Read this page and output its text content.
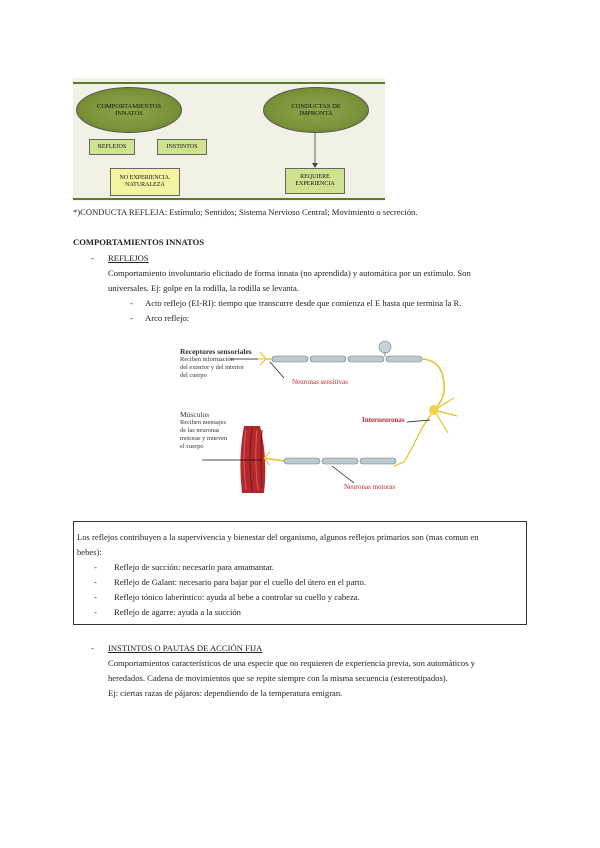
COMPORTAMIENTOS INNATOS
CONDUCTAS DE IMPRONTA
REFLEJOS	INSTINTOS
NO EXPERIENCIA. NATURALEZA
REQUIERE EXPERIENCIA
*)CONDUCTA REFLEJA: Estímulo; Sentidos; Sistema Nervioso Central; Movimiento o secreción.
COMPORTAMIENTOS INNATOS
- REFLEJOS
Comportamiento involuntario elicitado de forma innata (no aprendida) y automática por un estímulo. Son
universales. Ej: golpe en la rodilla, la rodilla se levanta.
- Acto reflejo (EI-RI): tiempo que transcurre desde que comienza el E hasta que termina la R.
- Arco reflejo:
Receptores sensoriales
Reciben información
del exterior y del interior
del cuerpo
Neuronas sensitivas
Interneuronas
Músculos
Reciben mensajes
de las neuronas
motoras y mueven
el cuerpo
Neuronas motoras
Los reflejos contribuyen a la supervivencia y bienestar del organismo, algunos reflejos primarios son (mas comun en
bebes):
- Reflejo de succión: necesario para amamantar.
- Reflejo de Galant: necesario para bajar por el cuello del útero en el parto.
- Reflejo tónico laberíntico: ayuda al bebe a controlar su cuello y cabeza.
- Reflejo de agarre: ayuda a la succión
- INSTINTOS O PAUTAS DE ACCIÓN FIJA
Comportamientos característicos de una especie que no requieren de experiencia previa, son automáticos y
heredados. Cadena de movimientos que se repite siempre con la misma secuencia (estereotipados).
Ej: ciertas razas de pájaros: dependiendo de la temperatura emigran.
